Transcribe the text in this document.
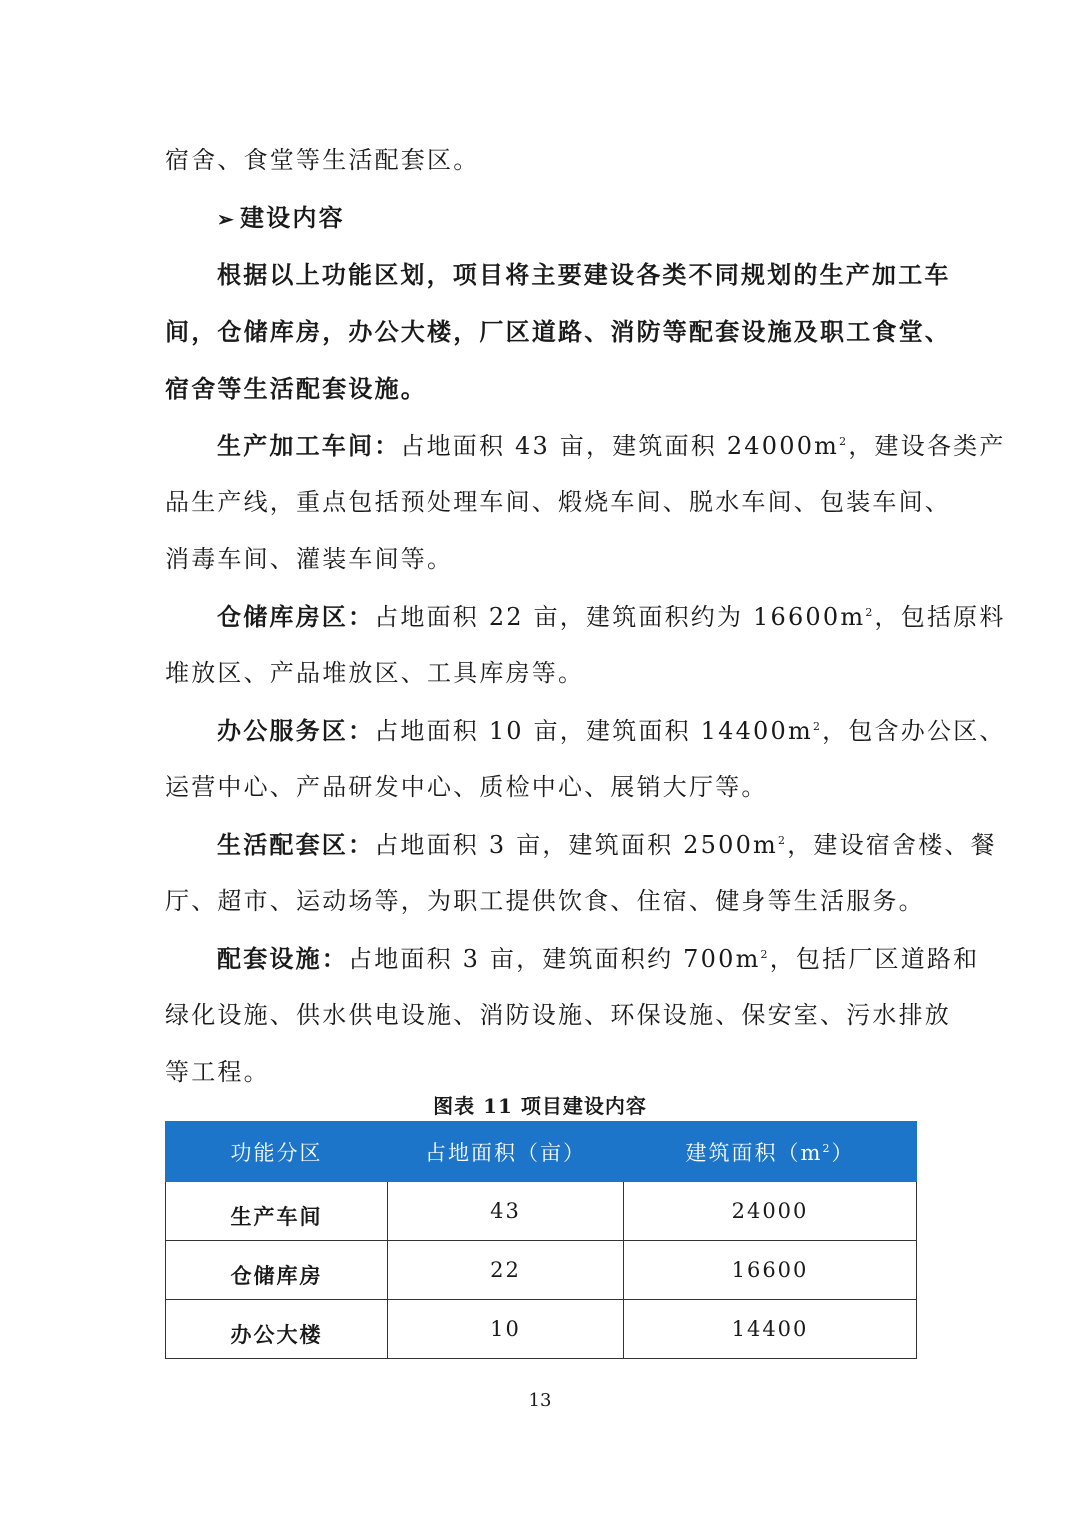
宿舍、食堂等生活配套区。
➢ 建设内容
根据以上功能区划，项目将主要建设各类不同规划的生产加工车
间，仓储库房，办公大楼，厂区道路、消防等配套设施及职工食堂、
宿舍等生活配套设施。
生产加工车间：占地面积 43 亩，建筑面积 $24000m^2$，建设各类产
品生产线，重点包括预处理车间、煅烧车间、脱水车间、包装车间、
消毒车间、灌装车间等。
仓储库房区：占地面积 22 亩，建筑面积约为 $16600m^2$，包括原料
堆放区、产品堆放区、工具库房等。
办公服务区：占地面积 10 亩，建筑面积 $14400m^2$，包含办公区、
运营中心、产品研发中心、质检中心、展销大厅等。
生活配套区：占地面积 3 亩，建筑面积 $2500m^2$，建设宿舍楼、餐
厅、超市、运动场等，为职工提供饮食、住宿、健身等生活服务。
配套设施：占地面积 3 亩，建筑面积约 $700m^2$，包括厂区道路和
绿化设施、供水供电设施、消防设施、环保设施、保安室、污水排放
等工程。
图表 11 项目建设内容
功能分区	占地面积（亩）	建筑面积$(m^2)$
生产车间	43	24000
仓储库房	22	16600
办公大楼	10	14400
13
